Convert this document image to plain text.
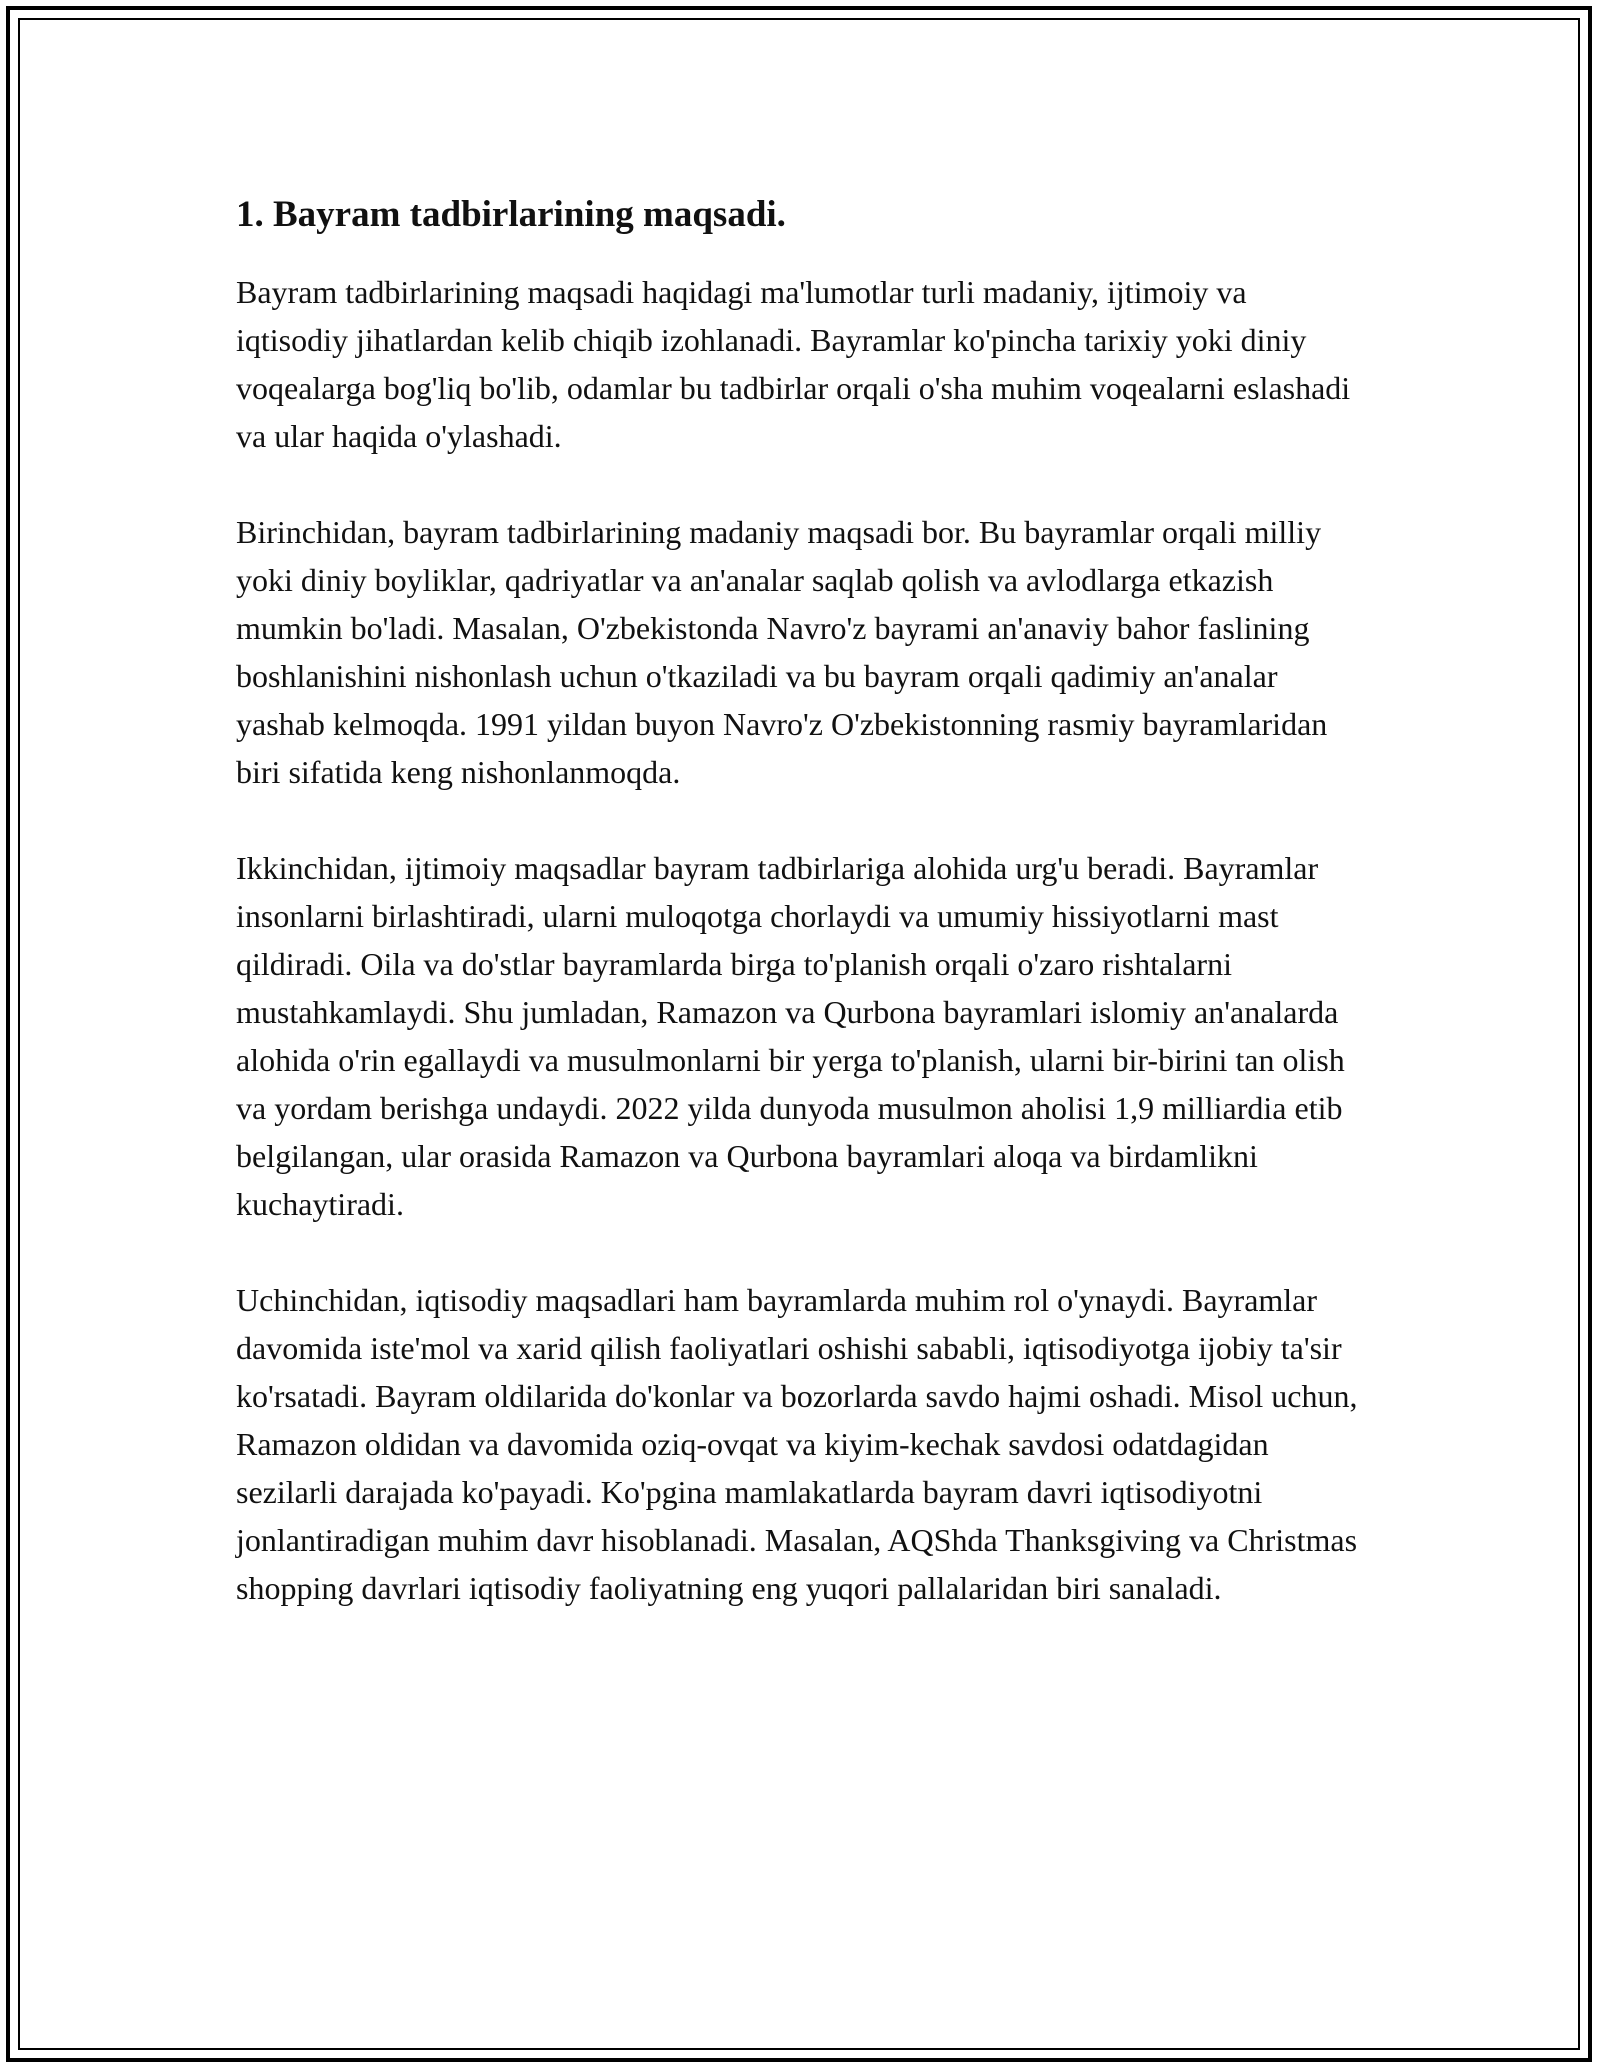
1. Bayram tadbirlarining maqsadi.

Bayram tadbirlarining maqsadi haqidagi ma'lumotlar turli madaniy, ijtimoiy va iqtisodiy jihatlardan kelib chiqib izohlanadi. Bayramlar ko'pincha tarixiy yoki diniy voqealarga bog'liq bo'lib, odamlar bu tadbirlar orqali o'sha muhim voqealarni eslashadi va ular haqida o'ylashadi.

Birinchidan, bayram tadbirlarining madaniy maqsadi bor. Bu bayramlar orqali milliy yoki diniy boyliklar, qadriyatlar va an'analar saqlab qolish va avlodlarga etkazish mumkin bo'ladi. Masalan, O'zbekistonda Navro'z bayrami an'anaviy bahor faslining boshlanishini nishonlash uchun o'tkaziladi va bu bayram orqali qadimiy an'analar yashab kelmoqda. 1991 yildan buyon Navro'z O'zbekistonning rasmiy bayramlaridan biri sifatida keng nishonlanmoqda.

Ikkinchidan, ijtimoiy maqsadlar bayram tadbirlariga alohida urg'u beradi. Bayramlar insonlarni birlashtiradi, ularni muloqotga chorlaydi va umumiy hissiyotlarni mast qildiradi. Oila va do'stlar bayramlarda birga to'planish orqali o'zaro rishtalarni mustahkamlaydi. Shu jumladan, Ramazon va Qurbona bayramlari islomiy an'analarda alohida o'rin egallaydi va musulmonlarni bir yerga to'planish, ularni bir-birini tan olish va yordam berishga undaydi. 2022 yilda dunyoda musulmon aholisi 1,9 milliardia etib belgilangan, ular orasida Ramazon va Qurbona bayramlari aloqa va birdamlikni kuchaytiradi.

Uchinchidan, iqtisodiy maqsadlari ham bayramlarda muhim rol o'ynaydi. Bayramlar davomida iste'mol va xarid qilish faoliyatlari oshishi sababli, iqtisodiyotga ijobiy ta'sir ko'rsatadi. Bayram oldilarida do'konlar va bozorlarda savdo hajmi oshadi. Misol uchun, Ramazon oldidan va davomida oziq-ovqat va kiyim-kechak savdosi odatdagidan sezilarli darajada ko'payadi. Ko'pgina mamlakatlarda bayram davri iqtisodiyotni jonlantiradigan muhim davr hisoblanadi. Masalan, AQShda Thanksgiving va Christmas shopping davrlari iqtisodiy faoliyatning eng yuqori pallalaridan biri sanaladi.
